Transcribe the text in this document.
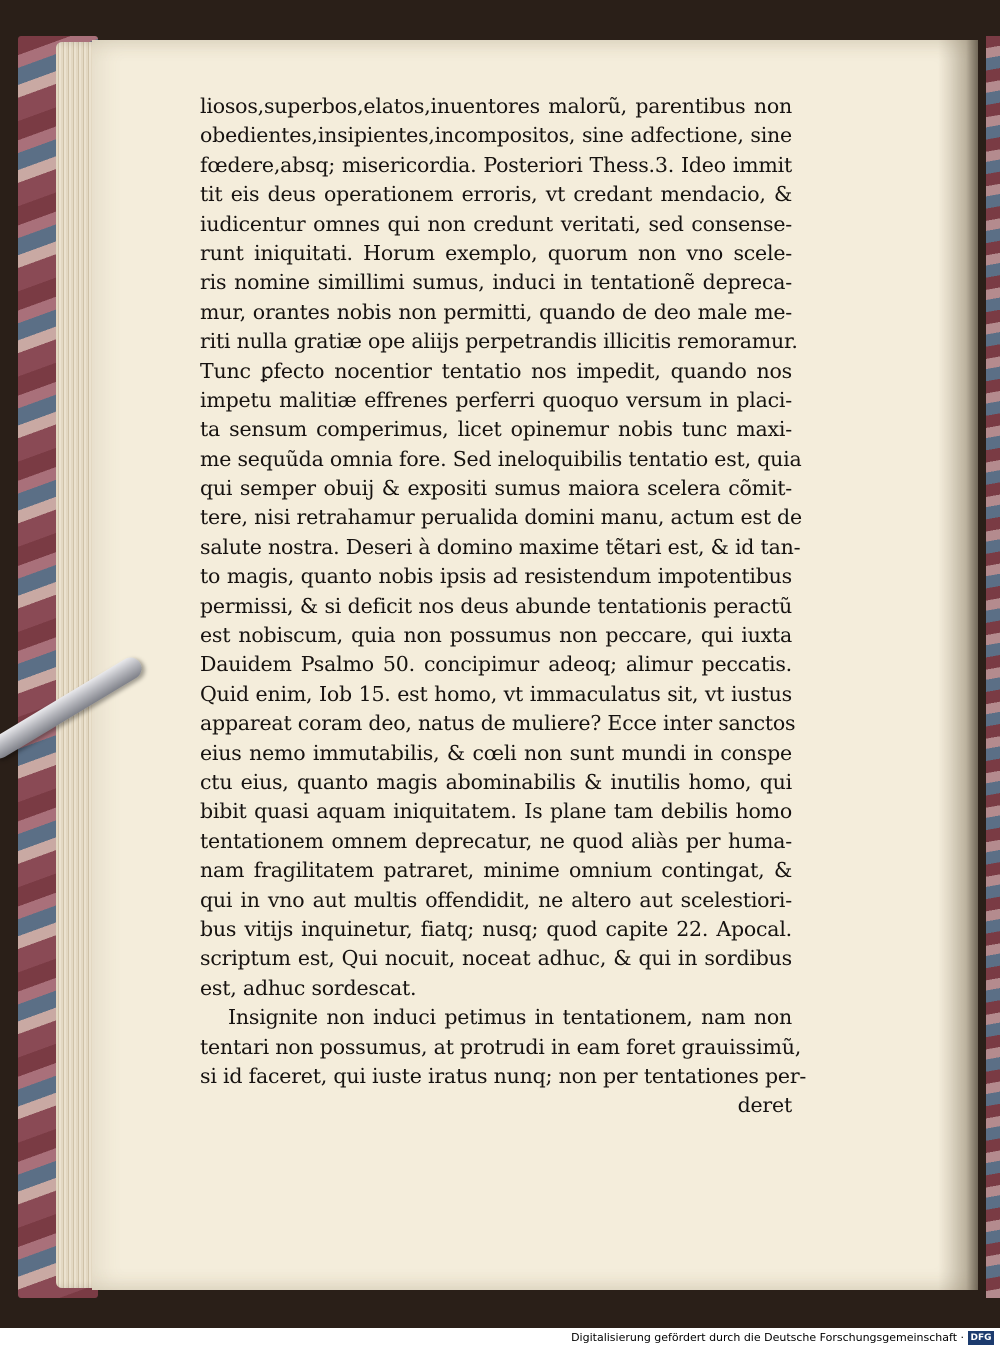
liosos,superbos,elatos,inuentores malorũ, parentibus non
obedientes,insipientes,incompositos, sine adfectione, sine
fœdere,absq; misericordia. Posteriori Thess.3. Ideo immit
tit eis deus operationem erroris, vt credant mendacio, &
iudicentur omnes qui non credunt veritati, sed consense-
runt iniquitati. Horum exemplo, quorum non vno scele-
ris nomine simillimi sumus, induci in tentationẽ depreca-
mur, orantes nobis non permitti, quando de deo male me-
riti nulla gratiæ ope aliijs perpetrandis illicitis remoramur.
Tunc ꝑfecto nocentior tentatio nos impedit, quando nos
impetu malitiæ effrenes perferri quoquo versum in placi-
ta sensum comperimus, licet opinemur nobis tunc maxi-
me sequũda omnia fore. Sed ineloquibilis tentatio est, quia
qui semper obuij & expositi sumus maiora scelera cõmit-
tere, nisi retrahamur perualida domini manu, actum est de
salute nostra. Deseri à domino maxime tẽtari est, & id tan-
to magis, quanto nobis ipsis ad resistendum impotentibus
permissi, & si deficit nos deus abunde tentationis peractũ
est nobiscum, quia non possumus non peccare, qui iuxta
Dauidem Psalmo 50. concipimur adeoq; alimur peccatis.
Quid enim, Iob 15. est homo, vt immaculatus sit, vt iustus
appareat coram deo, natus de muliere? Ecce inter sanctos
eius nemo immutabilis, & cœli non sunt mundi in conspe
ctu eius, quanto magis abominabilis & inutilis homo, qui
bibit quasi aquam iniquitatem. Is plane tam debilis homo
tentationem omnem deprecatur, ne quod aliàs per huma-
nam fragilitatem patraret, minime omnium contingat, &
qui in vno aut multis offendidit, ne altero aut scelestiori-
bus vitijs inquinetur, fiatq; nusq; quod capite 22. Apocal.
scriptum est, Qui nocuit, noceat adhuc, & qui in sordibus
est, adhuc sordescat.
Insignite non induci petimus in tentationem, nam non
tentari non possumus, at protrudi in eam foret grauissimũ,
si id faceret, qui iuste iratus nunq; non per tentationes per-
deret
Digitalisierung gefördert durch die Deutsche Forschungsgemeinschaft · DFG
